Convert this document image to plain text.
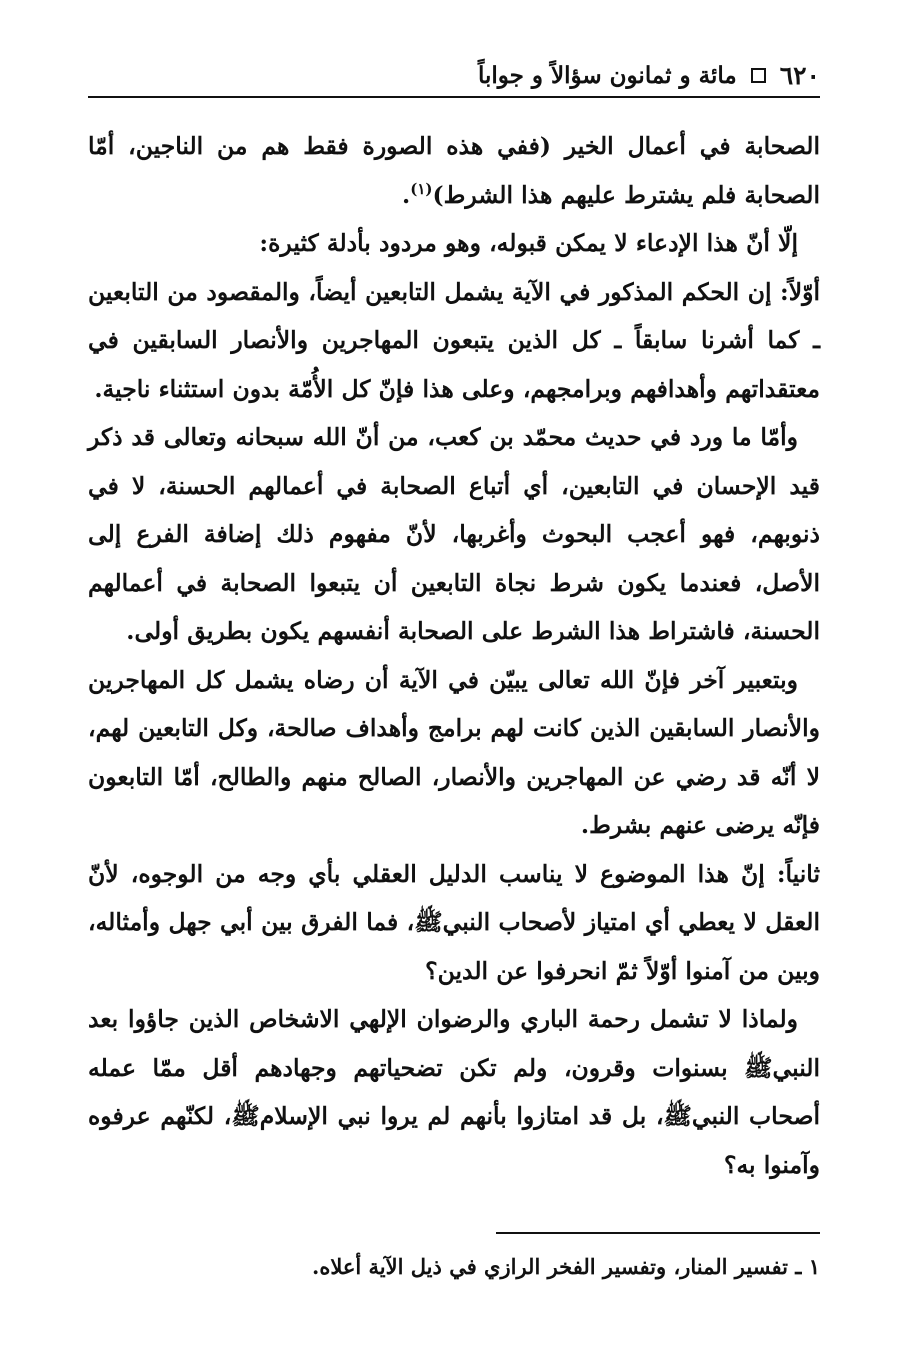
٦٢٠
مائة و ثمانون سؤالاً و جواباً

الصحابة في أعمال الخير (ففي هذه الصورة فقط هم من الناجين، أمّا الصحابة فلم يشترط عليهم هذا الشرط)$^{(١)}$.

إلّا أنّ هذا الإدعاء لا يمكن قبوله، وهو مردود بأدلة كثيرة:

أوّلاً: إن الحكم المذكور في الآية يشمل التابعين أيضاً، والمقصود من التابعين ـ كما أشرنا سابقاً ـ كل الذين يتبعون المهاجرين والأنصار السابقين في معتقداتهم وأهدافهم وبرامجهم، وعلى هذا فإنّ كل الأُمّة بدون استثناء ناجية.

وأمّا ما ورد في حديث محمّد بن كعب، من أنّ الله سبحانه وتعالى قد ذكر قيد الإحسان في التابعين، أي أتباع الصحابة في أعمالهم الحسنة، لا في ذنوبهم، فهو أعجب البحوث وأغربها، لأنّ مفهوم ذلك إضافة الفرع إلى الأصل، فعندما يكون شرط نجاة التابعين أن يتبعوا الصحابة في أعمالهم الحسنة، فاشتراط هذا الشرط على الصحابة أنفسهم يكون بطريق أولى.

وبتعبير آخر فإنّ الله تعالى يبيّن في الآية أن رضاه يشمل كل المهاجرين والأنصار السابقين الذين كانت لهم برامج وأهداف صالحة، وكل التابعين لهم، لا أنّه قد رضي عن المهاجرين والأنصار، الصالح منهم والطالح، أمّا التابعون فإنّه يرضى عنهم بشرط.

ثانياً: إنّ هذا الموضوع لا يناسب الدليل العقلي بأي وجه من الوجوه، لأنّ العقل لا يعطي أي امتياز لأصحاب النبيﷺ، فما الفرق بين أبي جهل وأمثاله، وبين من آمنوا أوّلاً ثمّ انحرفوا عن الدين؟

ولماذا لا تشمل رحمة الباري والرضوان الإلهي الاشخاص الذين جاؤوا بعد النبيﷺ بسنوات وقرون، ولم تكن تضحياتهم وجهادهم أقل ممّا عمله أصحاب النبيﷺ، بل قد امتازوا بأنهم لم يروا نبي الإسلامﷺ، لكنّهم عرفوه وآمنوا به؟

١ ـ تفسير المنار، وتفسير الفخر الرازي في ذيل الآية أعلاه.
